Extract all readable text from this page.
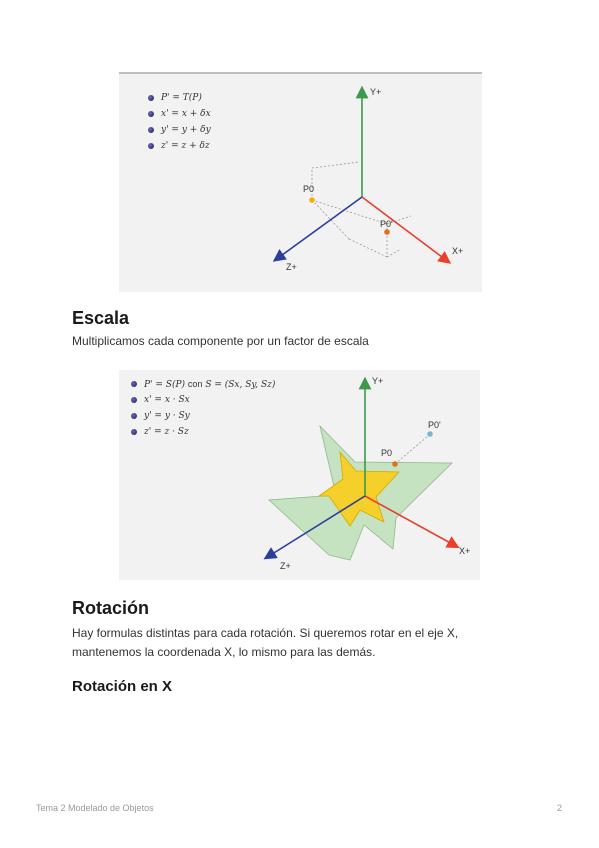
P' = T(P)
x' = x + δx
y' = y + δy
z' = z + δz
Y+
X+
Z+
P0
P0'
Escala

Multiplicamos cada componente por un factor de escala

P' = S(P) con S = (Sx, Sy, Sz)
x' = x · Sx
y' = y · Sy
z' = z · Sz
Y+
X+
Z+
P0
P0'
Rotación

Hay formulas distintas para cada rotación. Si queremos rotar en el eje X, mantenemos la coordenada X, lo mismo para las demás.

Rotación en X
Tema 2 Modelado de Objetos	2
